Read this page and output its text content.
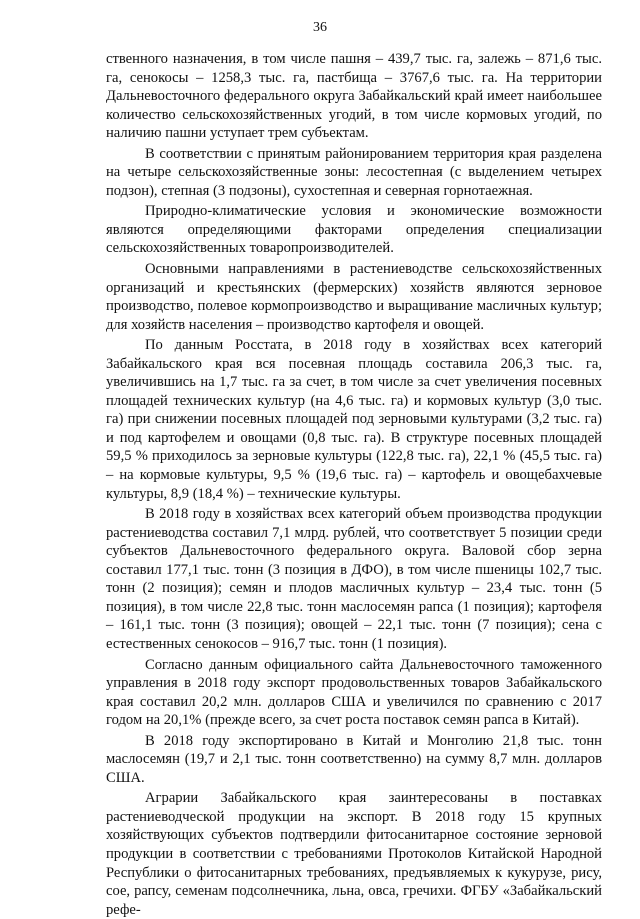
36

ственного назначения, в том числе пашня – 439,7 тыс. га, залежь – 871,6 тыс. га, сенокосы – 1258,3 тыс. га, пастбища – 3767,6 тыс. га. На территории Дальневосточного федерального округа Забайкальский край имеет наибольшее количество сельскохозяйственных угодий, в том числе кормовых угодий, по наличию пашни уступает трем субъектам.

В соответствии с принятым районированием территория края разделена на четыре сельскохозяйственные зоны: лесостепная (с выделением четырех подзон), степная (3 подзоны), сухостепная и северная горнотаежная.

Природно-климатические условия и экономические возможности являются определяющими факторами определения специализации сельскохозяйственных товаропроизводителей.

Основными направлениями в растениеводстве сельскохозяйственных организаций и крестьянских (фермерских) хозяйств являются зерновое производство, полевое кормопроизводство и выращивание масличных культур; для хозяйств населения – производство картофеля и овощей.

По данным Росстата, в 2018 году в хозяйствах всех категорий Забайкальского края вся посевная площадь составила 206,3 тыс. га, увеличившись на 1,7 тыс. га за счет, в том числе за счет увеличения посевных площадей технических культур (на 4,6 тыс. га) и кормовых культур (3,0 тыс. га) при снижении посевных площадей под зерновыми культурами (3,2 тыс. га) и под картофелем и овощами (0,8 тыс. га). В структуре посевных площадей 59,5 % приходилось за зерновые культуры (122,8 тыс. га), 22,1 % (45,5 тыс. га) – на кормовые культуры, 9,5 % (19,6 тыс. га) – картофель и овощебахчевые культуры, 8,9 (18,4 %) – технические культуры.

В 2018 году в хозяйствах всех категорий объем производства продукции растениеводства составил 7,1 млрд. рублей, что соответствует 5 позиции среди субъектов Дальневосточного федерального округа. Валовой сбор зерна составил 177,1 тыс. тонн (3 позиция в ДФО), в том числе пшеницы 102,7 тыс. тонн (2 позиция); семян и плодов масличных культур – 23,4 тыс. тонн (5 позиция), в том числе 22,8 тыс. тонн маслосемян рапса (1 позиция); картофеля – 161,1 тыс. тонн (3 позиция); овощей – 22,1 тыс. тонн (7 позиция); сена с естественных сенокосов – 916,7 тыс. тонн (1 позиция).

Согласно данным официального сайта Дальневосточного таможенного управления в 2018 году экспорт продовольственных товаров Забайкальского края составил 20,2 млн. долларов США и увеличился по сравнению с 2017 годом на 20,1% (прежде всего, за счет роста поставок семян рапса в Китай).

В 2018 году экспортировано в Китай и Монголию 21,8 тыс. тонн маслосемян (19,7 и 2,1 тыс. тонн соответственно) на сумму 8,7 млн. долларов США.

Аграрии Забайкальского края заинтересованы в поставках растениеводческой продукции на экспорт. В 2018 году 15 крупных хозяйствующих субъектов подтвердили фитосанитарное состояние зерновой продукции в соответствии с требованиями Протоколов Китайской Народной Республики о фитосанитарных требованиях, предъявляемых к кукурузе, рису, сое, рапсу, семенам подсолнечника, льна, овса, гречихи. ФГБУ «Забайкальский рефе-
